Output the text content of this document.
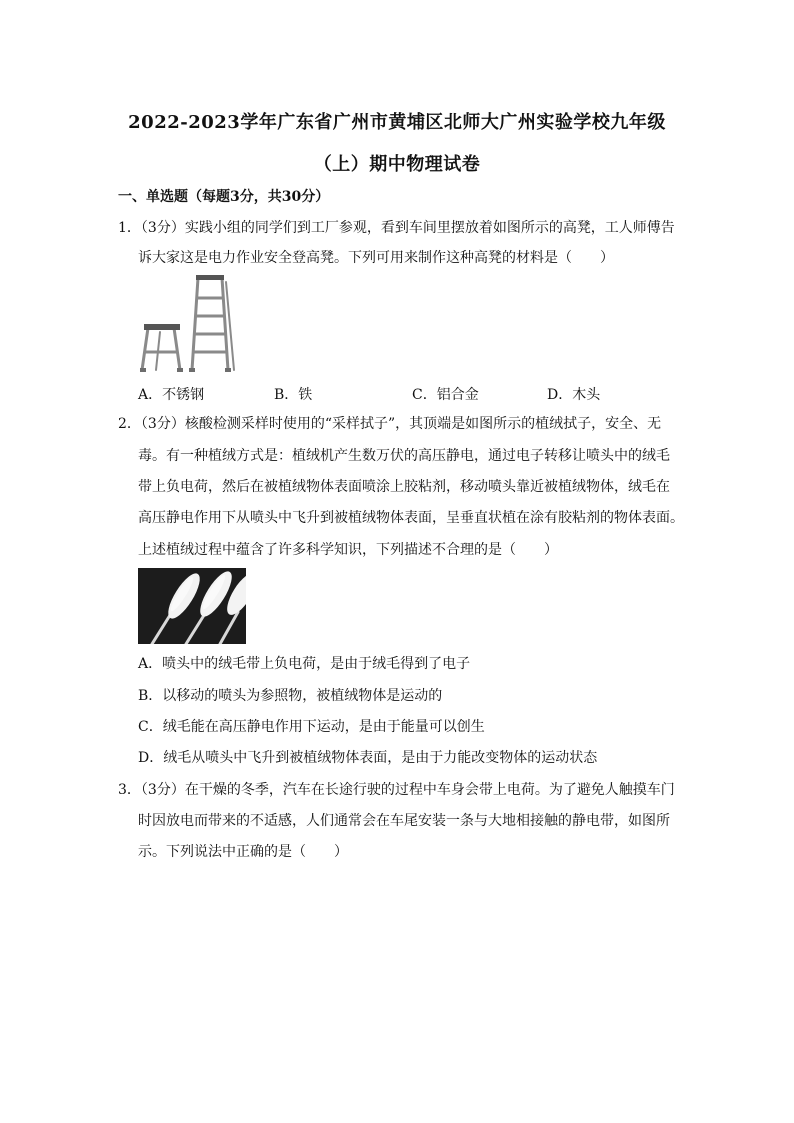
2022-2023学年广东省广州市黄埔区北师大广州实验学校九年级
（上）期中物理试卷
一、单选题（每题3分，共30分）
1．（3分）实践小组的同学们到工厂参观，看到车间里摆放着如图所示的高凳，工人师傅告
诉大家这是电力作业安全登高凳。下列可用来制作这种高凳的材料是（　　）
A．不锈钢	B．铁	C．铝合金	D．木头
2．（3分）核酸检测采样时使用的“采样拭子”，其顶端是如图所示的植绒拭子，安全、无
毒。有一种植绒方式是：植绒机产生数万伏的高压静电，通过电子转移让喷头中的绒毛
带上负电荷，然后在被植绒物体表面喷涂上胶粘剂，移动喷头靠近被植绒物体，绒毛在
高压静电作用下从喷头中飞升到被植绒物体表面，呈垂直状植在涂有胶粘剂的物体表面。
上述植绒过程中蕴含了许多科学知识，下列描述不合理的是（　　）
A．喷头中的绒毛带上负电荷，是由于绒毛得到了电子
B．以移动的喷头为参照物，被植绒物体是运动的
C．绒毛能在高压静电作用下运动，是由于能量可以创生
D．绒毛从喷头中飞升到被植绒物体表面，是由于力能改变物体的运动状态
3．（3分）在干燥的冬季，汽车在长途行驶的过程中车身会带上电荷。为了避免人触摸车门
时因放电而带来的不适感，人们通常会在车尾安装一条与大地相接触的静电带，如图所
示。下列说法中正确的是（　　）
